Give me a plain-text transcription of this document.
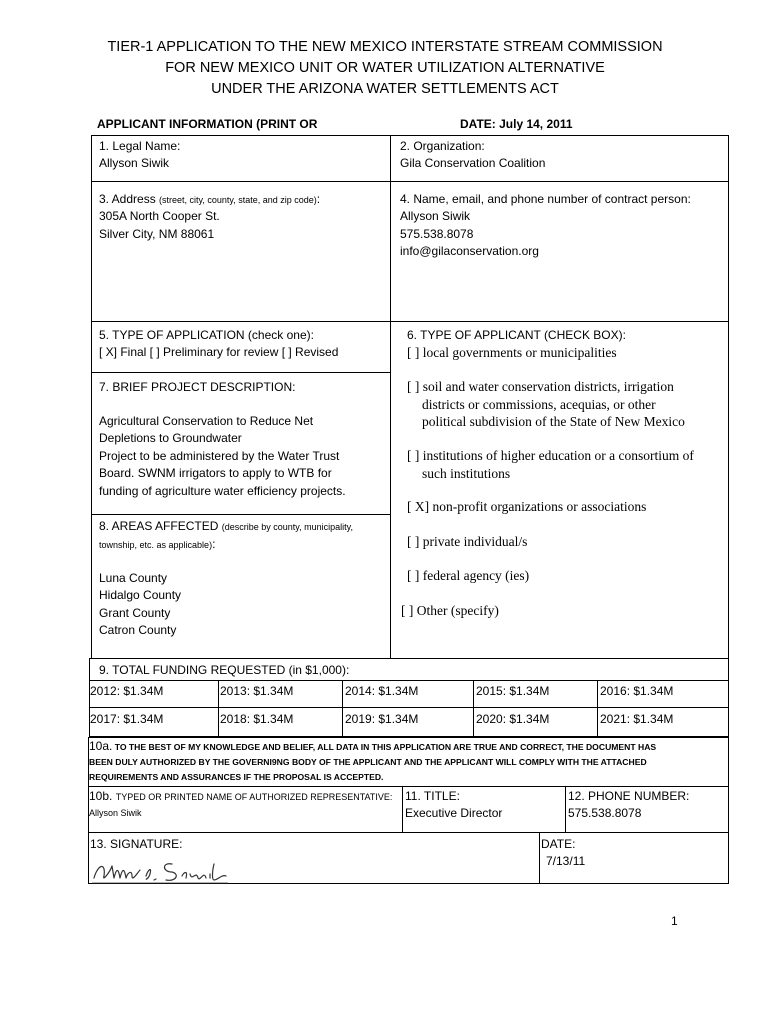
TIER-1 APPLICATION TO THE NEW MEXICO INTERSTATE STREAM COMMISSION
FOR NEW MEXICO UNIT OR WATER UTILIZATION ALTERNATIVE
UNDER THE ARIZONA WATER SETTLEMENTS ACT
APPLICANT INFORMATION (PRINT OR	DATE: July 14, 2011
1. Legal Name:
Allyson Siwik
2. Organization:
Gila Conservation Coalition
3. Address (street, city, county, state, and zip code):
305A North Cooper St.
Silver City, NM 88061
4. Name, email, and phone number of contract person:
Allyson Siwik
575.538.8078
info@gilaconservation.org
5. TYPE OF APPLICATION (check one):
[ X] Final [ ] Preliminary for review [ ] Revised
6. TYPE OF APPLICANT (CHECK BOX):
[ ] local governments or municipalities
[ ] soil and water conservation districts, irrigation
districts or commissions, acequias, or other
political subdivision of the State of New Mexico
[ ] institutions of higher education or a consortium of
such institutions
[ X] non-profit organizations or associations
[ ] private individual/s
[ ] federal agency (ies)
[ ] Other (specify)
7. BRIEF PROJECT DESCRIPTION:
Agricultural Conservation to Reduce Net
Depletions to Groundwater
Project to be administered by the Water Trust
Board. SWNM irrigators to apply to WTB for
funding of agriculture water efficiency projects.
8. AREAS AFFECTED (describe by county, municipality,
township, etc. as applicable):
Luna County
Hidalgo County
Grant County
Catron County
9. TOTAL FUNDING REQUESTED (in $1,000):
2012: $1.34M	2013: $1.34M	2014: $1.34M	2015: $1.34M	2016: $1.34M
2017: $1.34M	2018: $1.34M	2019: $1.34M	2020: $1.34M	2021: $1.34M
10a. TO THE BEST OF MY KNOWLEDGE AND BELIEF, ALL DATA IN THIS APPLICATION ARE TRUE AND CORRECT, THE DOCUMENT HAS
BEEN DULY AUTHORIZED BY THE GOVERNI9NG BODY OF THE APPLICANT AND THE APPLICANT WILL COMPLY WITH THE ATTACHED
REQUIREMENTS AND ASSURANCES IF THE PROPOSAL IS ACCEPTED.
10b. TYPED OR PRINTED NAME OF AUTHORIZED REPRESENTATIVE:
Allyson Siwik
11. TITLE:
Executive Director
12. PHONE NUMBER:
575.538.8078
13. SIGNATURE:	DATE:
7/13/11
1
